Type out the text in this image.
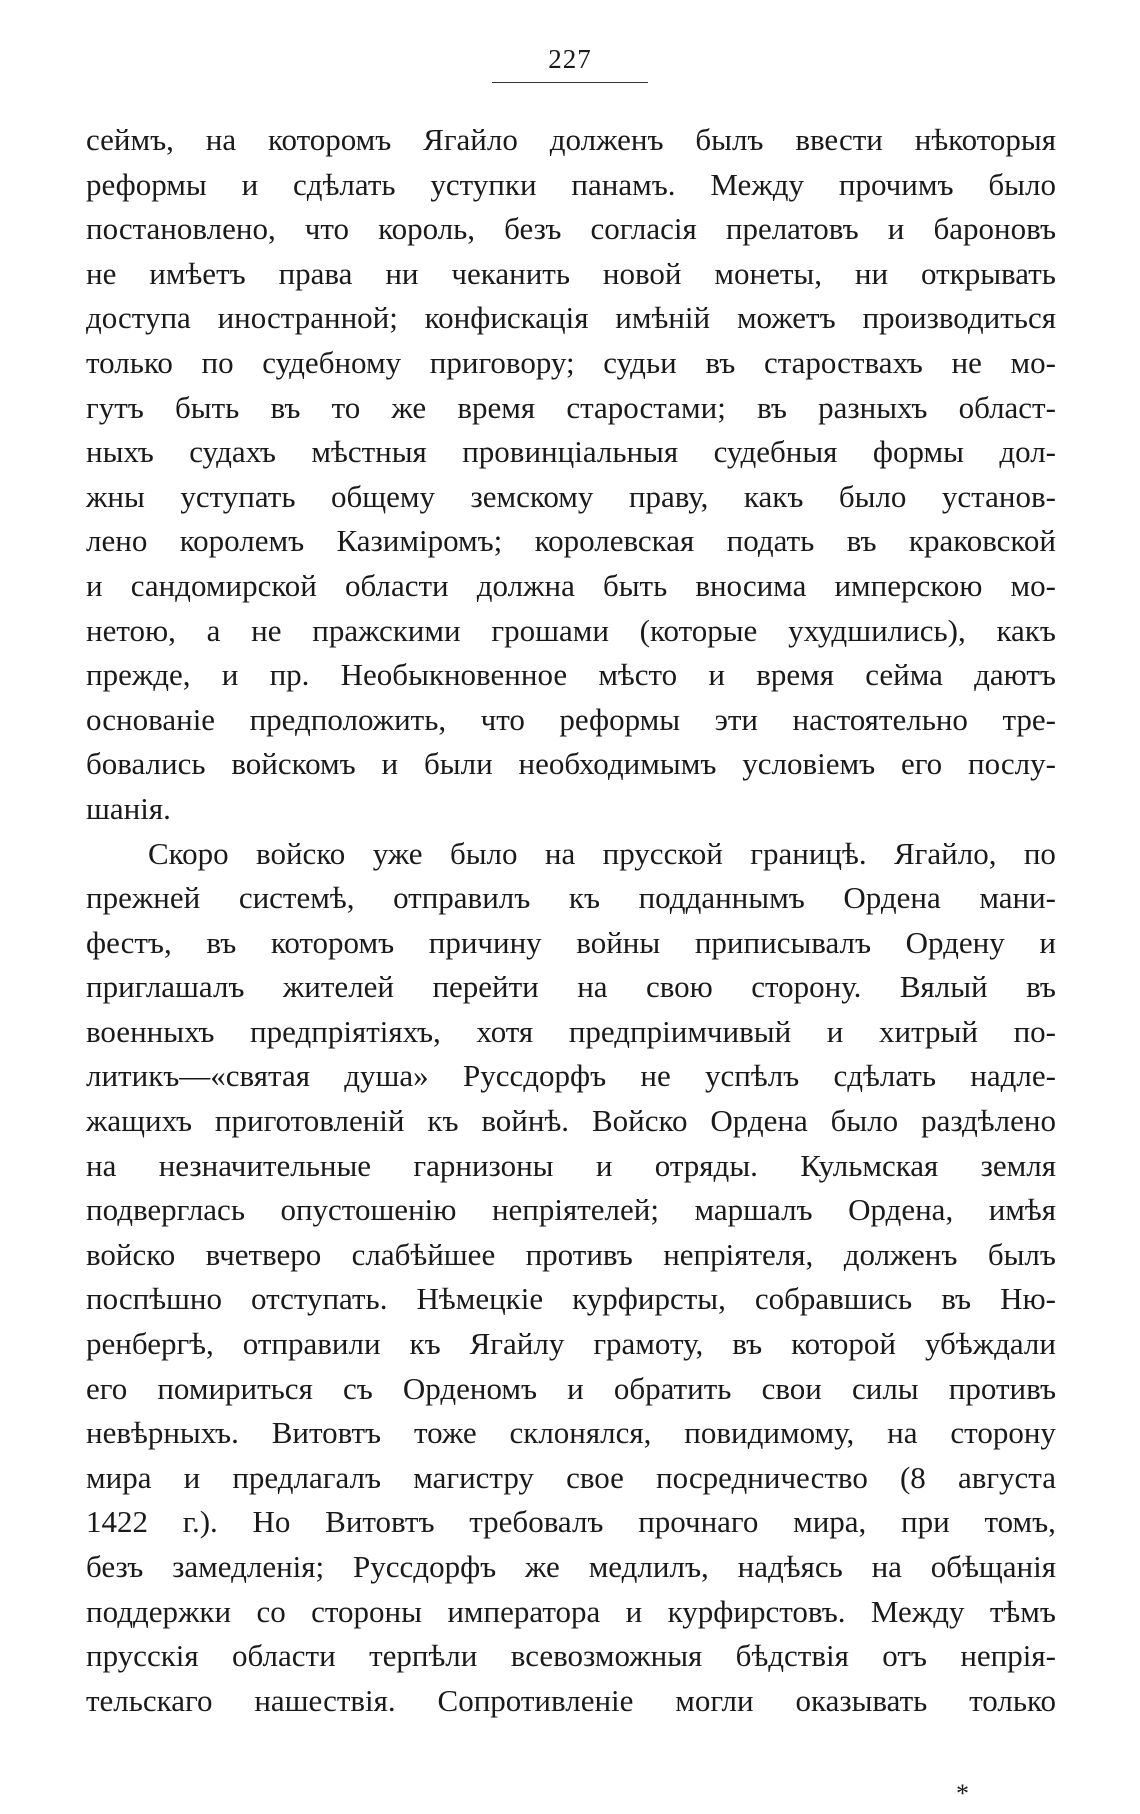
227
сеймъ, на которомъ Ягайло долженъ былъ ввести нѣкоторыя
реформы и сдѣлать уступки панамъ. Между прочимъ было
постановлено, что король, безъ согласія прелатовъ и бароновъ
не имѣетъ права ни чеканить новой монеты, ни открывать
доступа иностранной; конфискація имѣній можетъ производиться
только по судебному приговору; судьи въ староствахъ не мо-
гутъ быть въ то же время старостами; въ разныхъ област-
ныхъ судахъ мѣстныя провинціальныя судебныя формы дол-
жны уступать общему земскому праву, какъ было установ-
лено королемъ Казиміромъ; королевская подать въ краковской
и сандомирской области должна быть вносима имперскою мо-
нетою, а не пражскими грошами (которые ухудшились), какъ
прежде, и пр. Необыкновенное мѣсто и время сейма даютъ
основаніе предположить, что реформы эти настоятельно тре-
бовались войскомъ и были необходимымъ условіемъ его послу-
шанія.
Скоро войско уже было на прусской границѣ. Ягайло, по
прежней системѣ, отправилъ къ подданнымъ Ордена мани-
фестъ, въ которомъ причину войны приписывалъ Ордену и
приглашалъ жителей перейти на свою сторону. Вялый въ
военныхъ предпріятіяхъ, хотя предпріимчивый и хитрый по-
литикъ—«святая душа» Руссдорфъ не успѣлъ сдѣлать надле-
жащихъ приготовленій къ войнѣ. Войско Ордена было раздѣлено
на незначительные гарнизоны и отряды. Кульмская земля
подверглась опустошенію непріятелей; маршалъ Ордена, имѣя
войско вчетверо слабѣйшее противъ непріятеля, долженъ былъ
поспѣшно отступать. Нѣмецкіе курфирсты, собравшись въ Ню-
ренбергѣ, отправили къ Ягайлу грамоту, въ которой убѣждали
его помириться съ Орденомъ и обратить свои силы противъ
невѣрныхъ. Витовтъ тоже склонялся, повидимому, на сторону
мира и предлагалъ магистру свое посредничество (8 августа
1422 г.). Но Витовтъ требовалъ прочнаго мира, при томъ,
безъ замедленія; Руссдорфъ же медлилъ, надѣясь на обѣщанія
поддержки со стороны императора и курфирстовъ. Между тѣмъ
прусскія области терпѣли всевозможныя бѣдствія отъ непрія-
тельскаго нашествія. Сопротивленіе могли оказывать только
*
